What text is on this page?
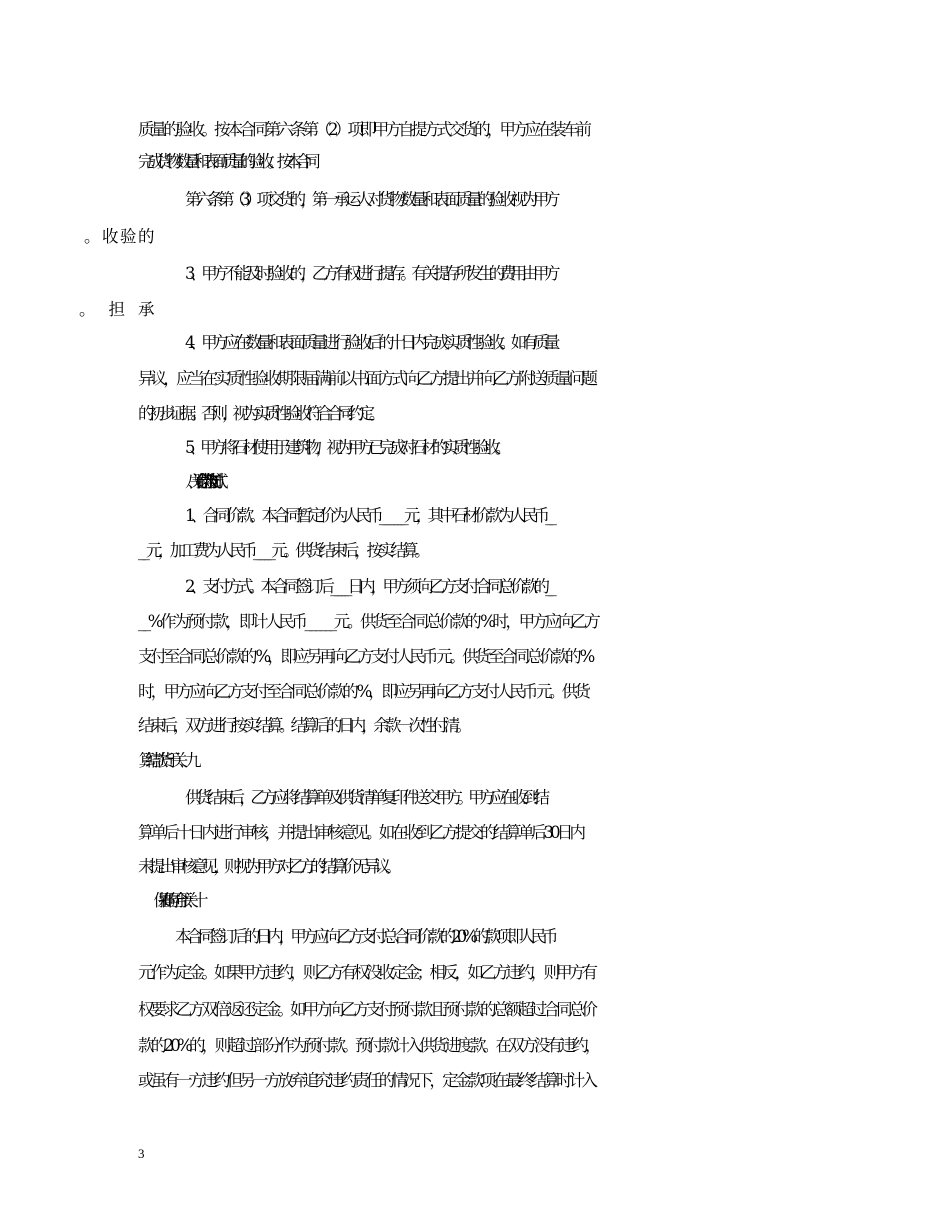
质量的验收。按本合同第六条第（2）项即甲方自提方式交货的，甲方应在装车前
完成货物数量和表面质量的验收。按本合同
第六条第（3）项交货的，第一承运人对货物数量和表面质量的验收视为甲方
3、甲方不能及时验收的，乙方有权进行提存。有关提存所发生的费用由甲方
4、甲方应在数量和表面质量进行验收后的十日内完成实质性验收。如有质量
异议，应当在实质性验收期限届满前以书面方式向乙方提出并向乙方附送质量问题
的初步证据。否则，视为实质性验收符合合同约定。
5、甲方将石材使用于建筑物，视为甲方已完成对石材的实质性验收。
八、关于合同价款与支付方式
1、合同价款。本合同暂定价为人民币__ _____元，其中石材价款为人民币__
__ 元，加工费为人民币_____元。供货结束后，按实结算。
2、支付方式。本合同签订后_ ____日内，甲方须向乙方支付合同总价款的__
__%作为预付款，即计人民币______元。供货至合同总价款的 %时，甲方应向乙方
支付至合同总价款的 %，即应另再向乙方支付人民币 元。供货至合同总价款的 %
时，甲方应向乙方支付至合同总价款的 %，即应另再向乙方支付人民币 元。供货
结束后，双方进行按实结算。结算后的 日内，余款一次性付清。
供货结束后，乙方应将结算单及供货清单复印件送交甲方。甲方应在收到结
算单后十日内进行审核，并提出审核意见。如在收到乙方提交的结算单后30日内
未提出审核意见，则视为甲方对乙方的结算价无异议。
本合同签订后的 日内，甲方应向乙方支付总合同价款的20%的款项即人民币
元作为定金。如果甲方违约，则乙方有权没收定金；相反，如乙方违约，则甲方有
权要求乙方双倍返还定金。如甲方向乙方支付预付款且预付款的总额超过合同总价
款的20%的，则超过部分作为预付款。预付款计入供货进度款。在双方没有违约，
或虽有一方违约但另一方放弃追究违约责任的情况下，定金款项在最终结算时计入
3
